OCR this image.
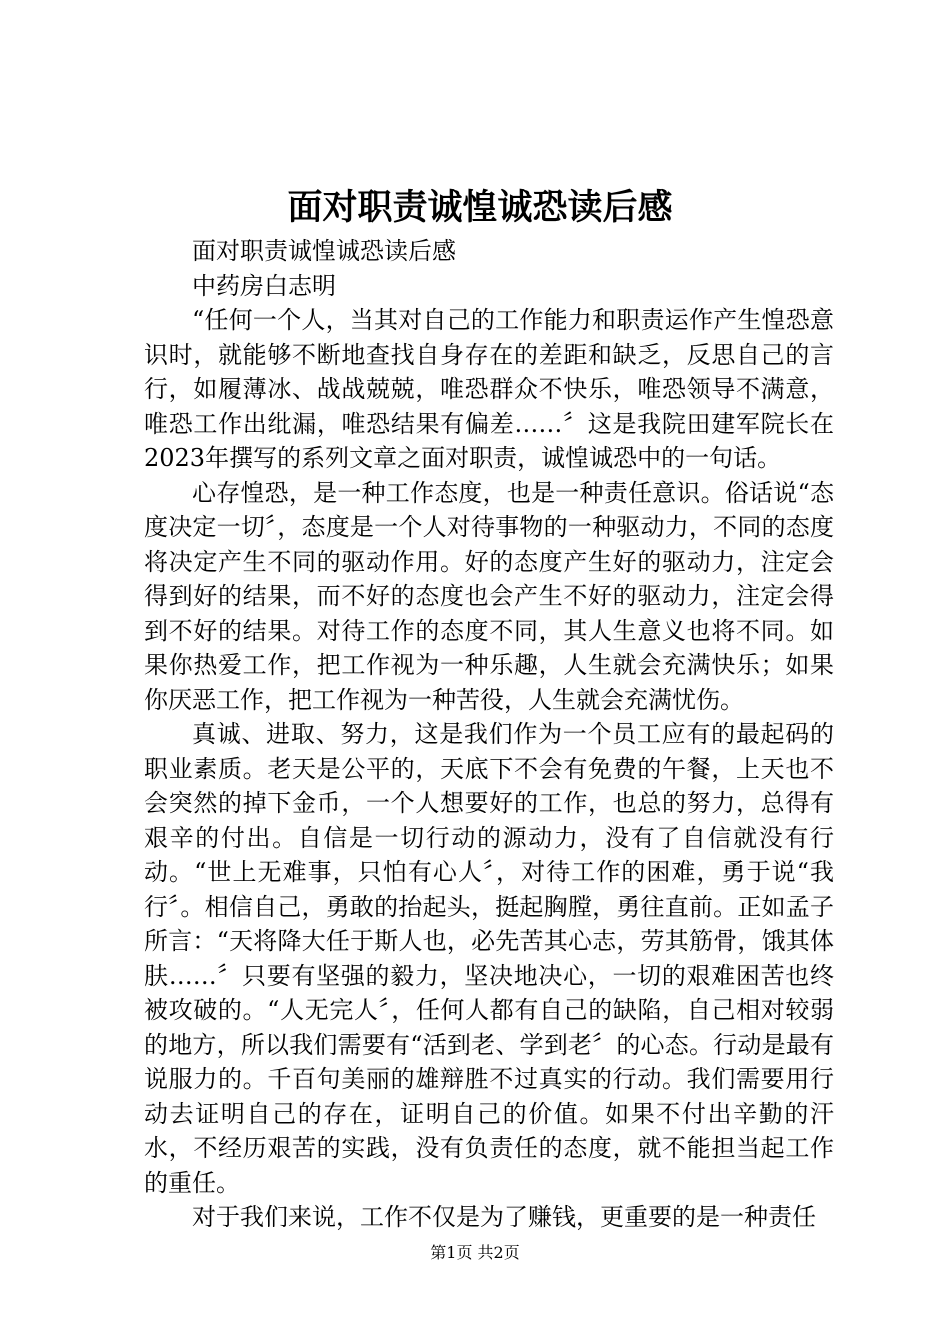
面对职责诚惶诚恐读后感

面对职责诚惶诚恐读后感

中药房白志明

“任何一个人，当其对自己的工作能力和职责运作产生惶恐意识时，就能够不断地查找自身存在的差距和缺乏，反思自己的言行，如履薄冰、战战兢兢，唯恐群众不快乐，唯恐领导不满意，唯恐工作出纰漏，唯恐结果有偏差……〞这是我院田建军院长在2023年撰写的系列文章之面对职责，诚惶诚恐中的一句话。

心存惶恐，是一种工作态度，也是一种责任意识。俗话说“态度决定一切〞，态度是一个人对待事物的一种驱动力，不同的态度将决定产生不同的驱动作用。好的态度产生好的驱动力，注定会得到好的结果，而不好的态度也会产生不好的驱动力，注定会得到不好的结果。对待工作的态度不同，其人生意义也将不同。如果你热爱工作，把工作视为一种乐趣，人生就会充满快乐；如果你厌恶工作，把工作视为一种苦役，人生就会充满忧伤。

真诚、进取、努力，这是我们作为一个员工应有的最起码的职业素质。老天是公平的，天底下不会有免费的午餐，上天也不会突然的掉下金币，一个人想要好的工作，也总的努力，总得有艰辛的付出。自信是一切行动的源动力，没有了自信就没有行动。“世上无难事，只怕有心人〞，对待工作的困难，勇于说“我行〞。相信自己，勇敢的抬起头，挺起胸膛，勇往直前。正如孟子所言：“天将降大任于斯人也，必先苦其心志，劳其筋骨，饿其体肤……〞只要有坚强的毅力，坚决地决心，一切的艰难困苦也终被攻破的。“人无完人〞，任何人都有自己的缺陷，自己相对较弱的地方，所以我们需要有“活到老、学到老〞的心态。行动是最有说服力的。千百句美丽的雄辩胜不过真实的行动。我们需要用行动去证明自己的存在，证明自己的价值。如果不付出辛勤的汗水，不经历艰苦的实践，没有负责任的态度，就不能担当起工作的重任。

对于我们来说，工作不仅是为了赚钱，更重要的是一种责任

第1页 共2页
